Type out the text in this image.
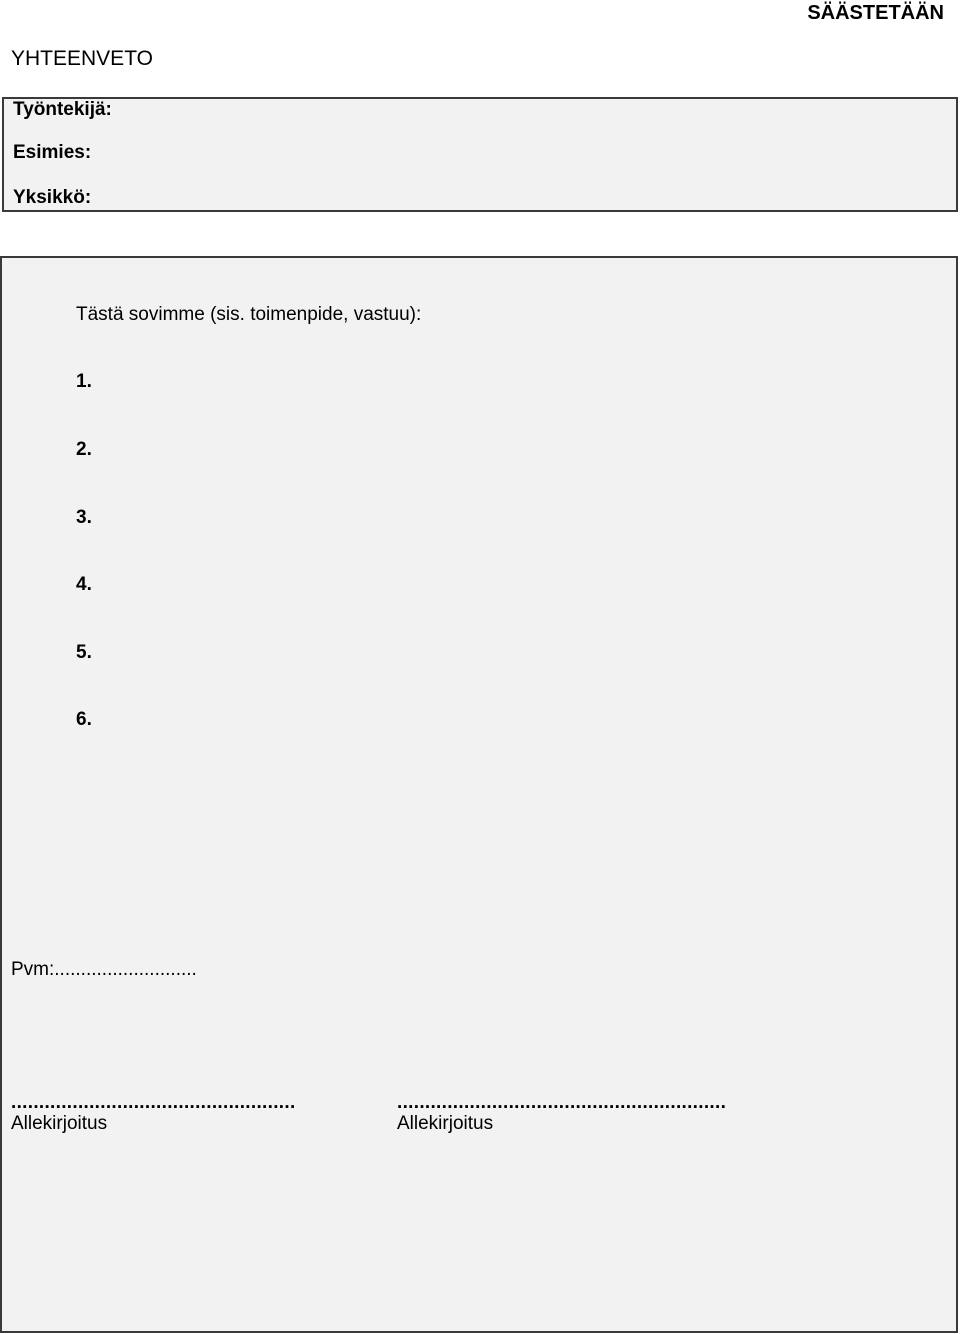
SÄÄSTETÄÄN
YHTEENVETO
Työntekijä:
Esimies:
Yksikkö:
Tästä sovimme (sis. toimenpide, vastuu):
1.
2.
3.
4.
5.
6.
Pvm:...........................
...................................................
Allekirjoitus
...........................................................
Allekirjoitus
